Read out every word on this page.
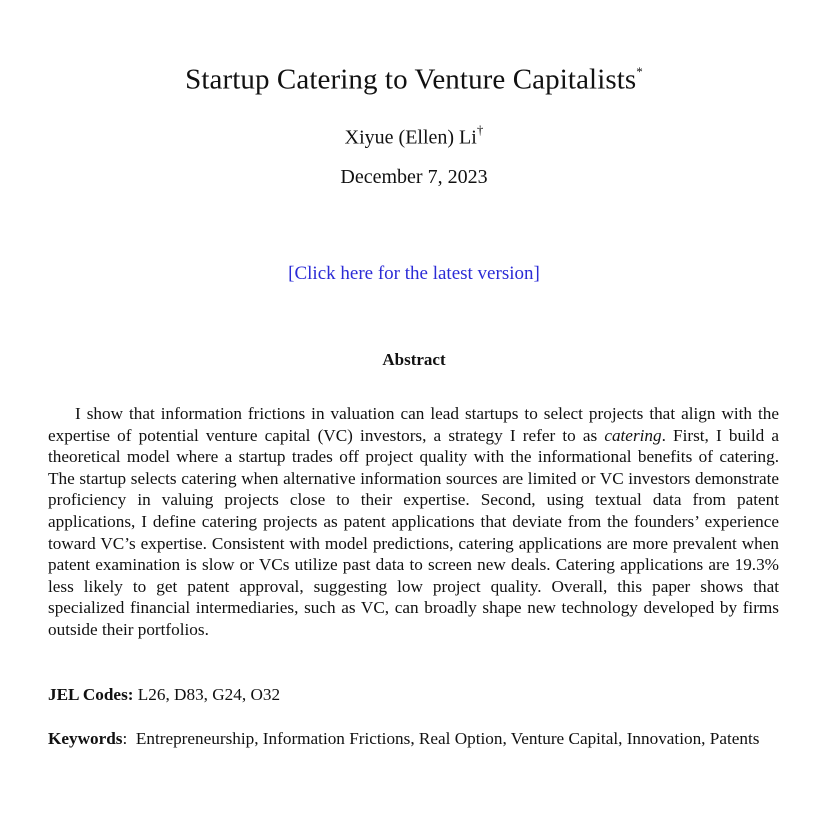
Startup Catering to Venture Capitalists*
Xiyue (Ellen) Li†
December 7, 2023
[Click here for the latest version]
Abstract

I show that information frictions in valuation can lead startups to select projects that align with the expertise of potential venture capital (VC) investors, a strategy I refer to as catering. First, I build a theoretical model where a startup trades off project quality with the informational benefits of catering. The startup selects catering when alternative information sources are limited or VC investors demonstrate proficiency in valuing projects close to their expertise. Second, using textual data from patent applications, I define catering projects as patent applications that deviate from the founders’ experience toward VC’s expertise. Consistent with model predictions, catering applications are more prevalent when patent examination is slow or VCs utilize past data to screen new deals. Catering applications are 19.3% less likely to get patent approval, suggesting low project quality. Overall, this paper shows that specialized financial intermediaries, such as VC, can broadly shape new technology developed by firms outside their portfolios.

JEL Codes: L26, D83, G24, O32
Keywords: Entrepreneurship, Information Frictions, Real Option, Venture Capital, Innovation, Patents
